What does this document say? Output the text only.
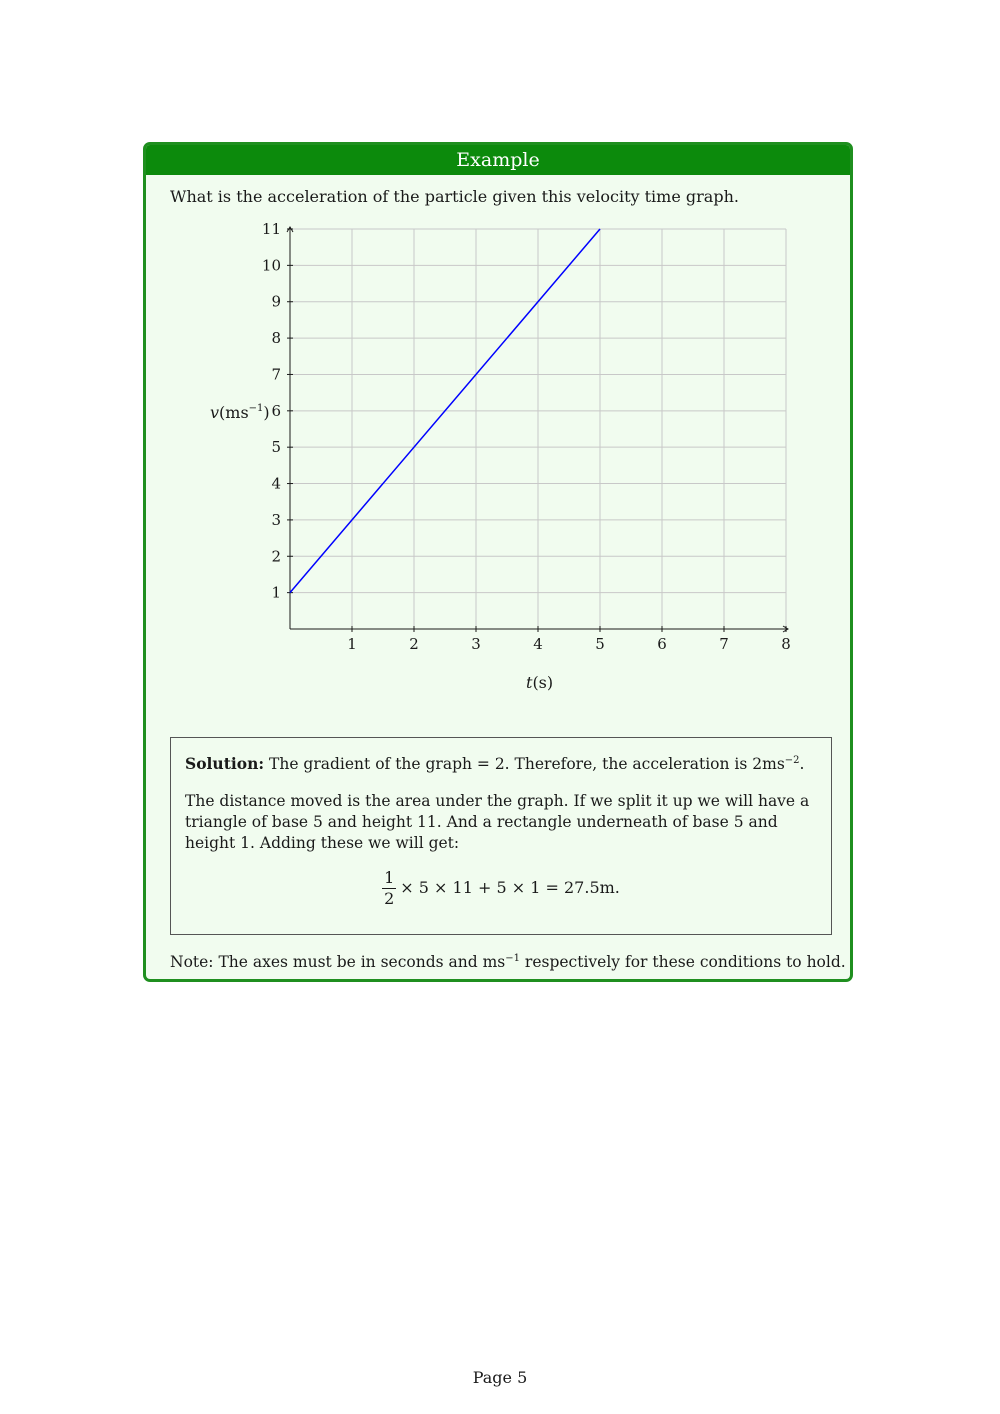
Example
What is the acceleration of the particle given this velocity time graph.
1	2	3	4	5	6	7	8
1
2
3
4
5
6
7
8
9
10
11
$v(ms^{-1})$
t(s)

Solution: The gradient of the graph = 2. Therefore, the acceleration is $2ms^{-2}$.

The distance moved is the area under the graph. If we split it up we will have a triangle of base 5 and height 11. And a rectangle underneath of base 5 and height 1. Adding these we will get:

$\frac{1}{2} \times 5 \times 11 + 5 \times 1 = 27.5m$.
Note: The axes must be in seconds and $ms^{-1}$ respectively for these conditions to hold.
Page 5
